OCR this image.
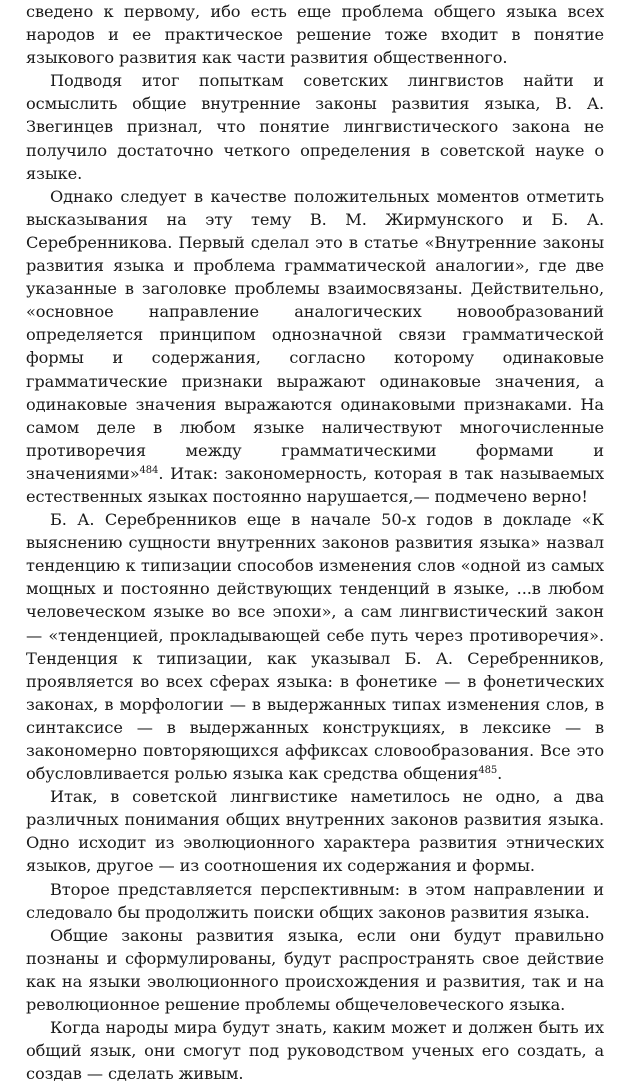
сведено к первому, ибо есть еще проблема общего языка всех народов и ее практическое решение тоже входит в понятие языкового развития как части развития общественного.

Подводя итог попыткам советских лингвистов найти и осмыслить общие внутренние законы развития языка, В. А. Звегинцев признал, что понятие лингвистического закона не получило достаточно четкого определения в советской науке о языке.

Однако следует в качестве положительных моментов отметить высказывания на эту тему В. М. Жирмунского и Б. А. Серебренникова. Первый сделал это в статье «Внутренние законы развития языка и проблема грамматической аналогии», где две указанные в заголовке проблемы взаимосвязаны. Действительно, «основное направление аналогических новообразований определяется принципом однозначной связи грамматической формы и содержания, согласно которому одинаковые грамматические признаки выражают одинаковые значения, а одинаковые значения выражаются одинаковыми признаками. На самом деле в любом языке наличествуют многочисленные противоречия между грамматическими формами и значениями»$^{484}$. Итак: закономерность, которая в так называемых естественных языках постоянно нарушается,— подмечено верно!

Б. А. Серебренников еще в начале 50-х годов в докладе «К выяснению сущности внутренних законов развития языка» назвал тенденцию к типизации способов изменения слов «одной из самых мощных и постоянно действующих тенденций в языке, ...в любом человеческом языке во все эпохи», а сам лингвистический закон — «тенденцией, прокладывающей себе путь через противоречия». Тенденция к типизации, как указывал Б. А. Серебренников, проявляется во всех сферах языка: в фонетике — в фонетических законах, в морфологии — в выдержанных типах изменения слов, в синтаксисе — в выдержанных конструкциях, в лексике — в закономерно повторяющихся аффиксах словообразования. Все это обусловливается ролью языка как средства общения$^{485}$.

Итак, в советской лингвистике наметилось не одно, а два различных понимания общих внутренних законов развития языка. Одно исходит из эволюционного характера развития этнических языков, другое — из соотношения их содержания и формы.

Второе представляется перспективным: в этом направлении и следовало бы продолжить поиски общих законов развития языка.

Общие законы развития языка, если они будут правильно познаны и сформулированы, будут распространять свое действие как на языки эволюционного происхождения и развития, так и на революционное решение проблемы общечеловеческого языка.

Когда народы мира будут знать, каким может и должен быть их общий язык, они смогут под руководством ученых его создать, а создав — сделать живым.
